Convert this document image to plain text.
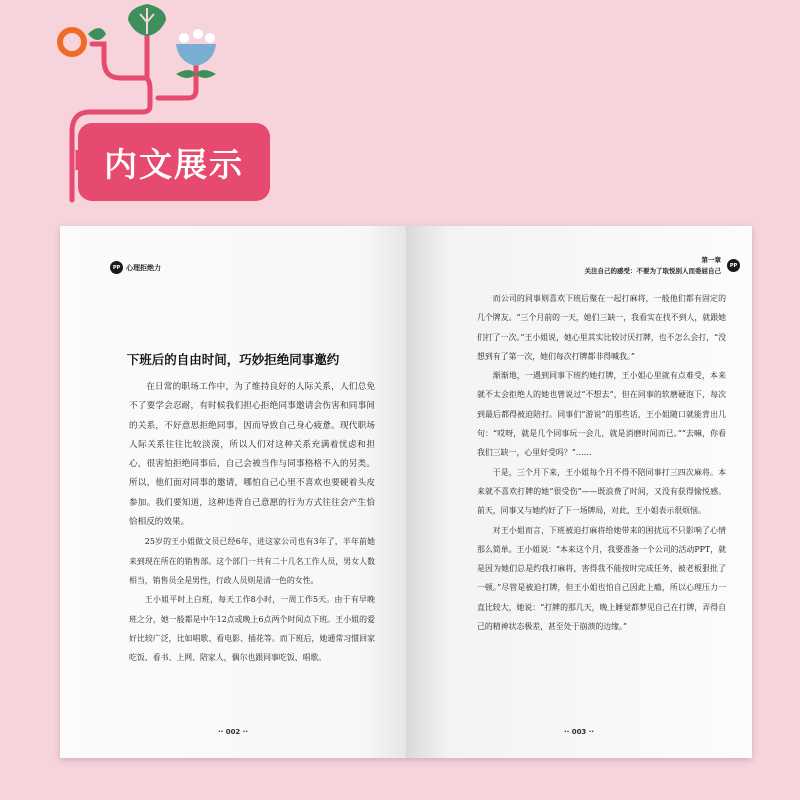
内文展示
PP 心理拒绝力
下班后的自由时间，巧妙拒绝同事邀约

在日常的职场工作中，为了维持良好的人际关系，人们总免不了要学会忍耐，有时候我们担心拒绝同事邀请会伤害和同事间的关系，不好意思拒绝同事，因而导致自己身心疲惫。现代职场人际关系往往比较淡漠，所以人们对这种关系充满着忧虑和担心，很害怕拒绝同事后，自己会被当作与同事格格不入的另类。所以，他们面对同事的邀请，哪怕自己心里不喜欢也要硬着头皮参加。我们要知道，这种违背自己意愿的行为方式往往会产生恰恰相反的效果。

25岁的王小姐做文员已经6年，进这家公司也有3年了，半年前她来到现在所在的销售部。这个部门一共有二十几名工作人员，男女人数相当，销售员全是男性，行政人员则是清一色的女性。

王小姐平时上白班，每天工作8小时，一周工作5天。由于有早晚班之分，她一般都是中午12点或晚上6点两个时间点下班。王小姐的爱好比较广泛，比如唱歌、看电影、插花等。而下班后，她通常习惯回家吃饭、看书、上网、陪家人，偶尔也跟同事吃饭、唱歌。

·· 002 ··
第一章
关注自己的感受：不要为了取悦别人而委屈自己
PP

而公司的同事则喜欢下班后聚在一起打麻将，一般他们都有固定的几个牌友。“三个月前的一天，她们三缺一，我看实在找不到人，就跟她们打了一次。”王小姐说，她心里其实比较讨厌打牌，也不怎么会打，“没想到有了第一次，她们每次打牌都非得喊我。”

渐渐地，一遇到同事下班约她打牌，王小姐心里就有点难受，本来就不太会拒绝人的她也曾说过“不想去”，但在同事的软磨硬泡下，每次到最后都得被迫陪打。同事们“游说”的那些话，王小姐随口就能背出几句：“哎呀，就是几个同事玩一会儿，就是消磨时间而已。”“去嘛，你看我们三缺一，心里好受吗？”……

于是，三个月下来，王小姐每个月不得不陪同事打三四次麻将。本来就不喜欢打牌的她“很受伤”——既浪费了时间，又没有获得愉悦感。前天，同事又与她约好了下一场牌局，对此，王小姐表示很烦恼。

对王小姐而言，下班被迫打麻将给她带来的困扰远不只影响了心情那么简单。王小姐说：“本来这个月，我要准备一个公司的活动PPT，就是因为她们总是约我打麻将，害得我不能按时完成任务，被老板狠批了一顿。”尽管是被迫打牌，但王小姐也怕自己因此上瘾，所以心理压力一直比较大，她说：“打牌的那几天，晚上睡觉都梦见自己在打牌，弄得自己的精神状态极差，甚至处于崩溃的边缘。”

·· 003 ··
